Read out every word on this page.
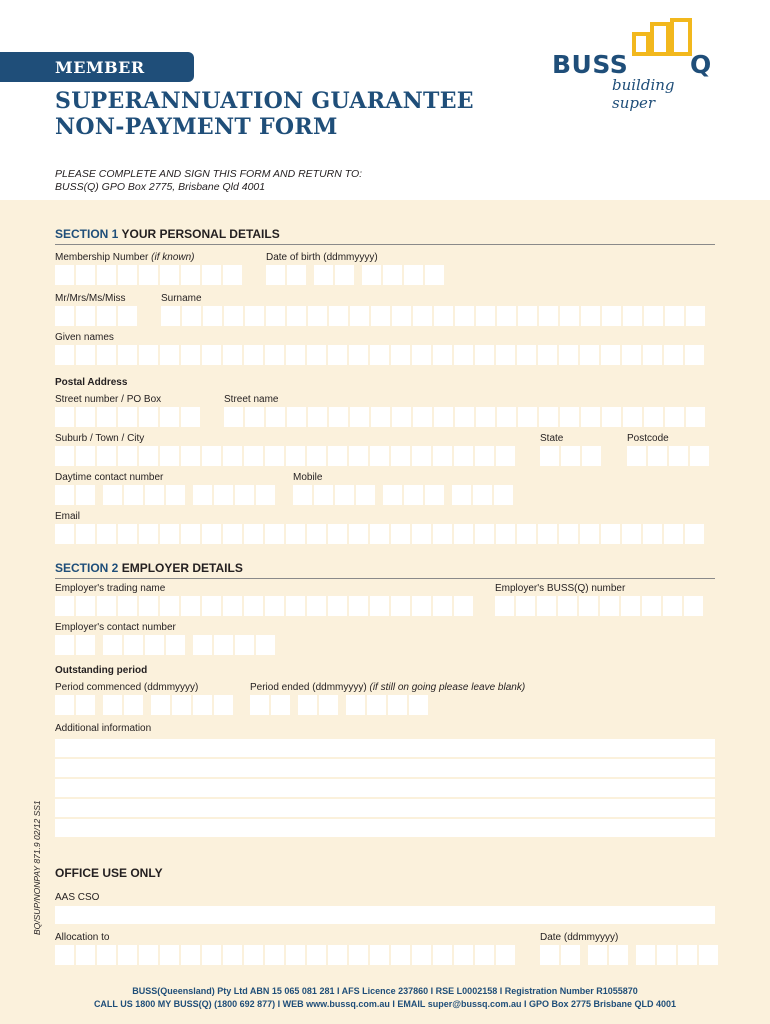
MEMBER	BUSS Q
building super
SUPERANNUATION GUARANTEE
NON-PAYMENT FORM
PLEASE COMPLETE AND SIGN THIS FORM AND RETURN TO:
BUSS(Q) GPO Box 2775, Brisbane Qld 4001
SECTION 1 YOUR PERSONAL DETAILS
Membership Number (if known)	Date of birth (ddmmyyyy)
Mr/Mrs/Ms/Miss	Surname
Given names
Postal Address
Street number / PO Box	Street name
Suburb / Town / City	State	Postcode
Daytime contact number	Mobile
Email
SECTION 2 EMPLOYER DETAILS
Employer's trading name	Employer's BUSS(Q) number
Employer's contact number
Outstanding period
Period commenced (ddmmyyyy)	Period ended (ddmmyyyy) (if still on going please leave blank)
Additional information
OFFICE USE ONLY
AAS CSO
Allocation to	Date (ddmmyyyy)
BQ/SUP/NONPAY 871.9 02/12 SS1
BUSS(Queensland) Pty Ltd ABN 15 065 081 281 I AFS Licence 237860 I RSE L0002158 I Registration Number R1055870
CALL US 1800 MY BUSS(Q) (1800 692 877) I WEB www.bussq.com.au I EMAIL super@bussq.com.au I GPO Box 2775 Brisbane QLD 4001
